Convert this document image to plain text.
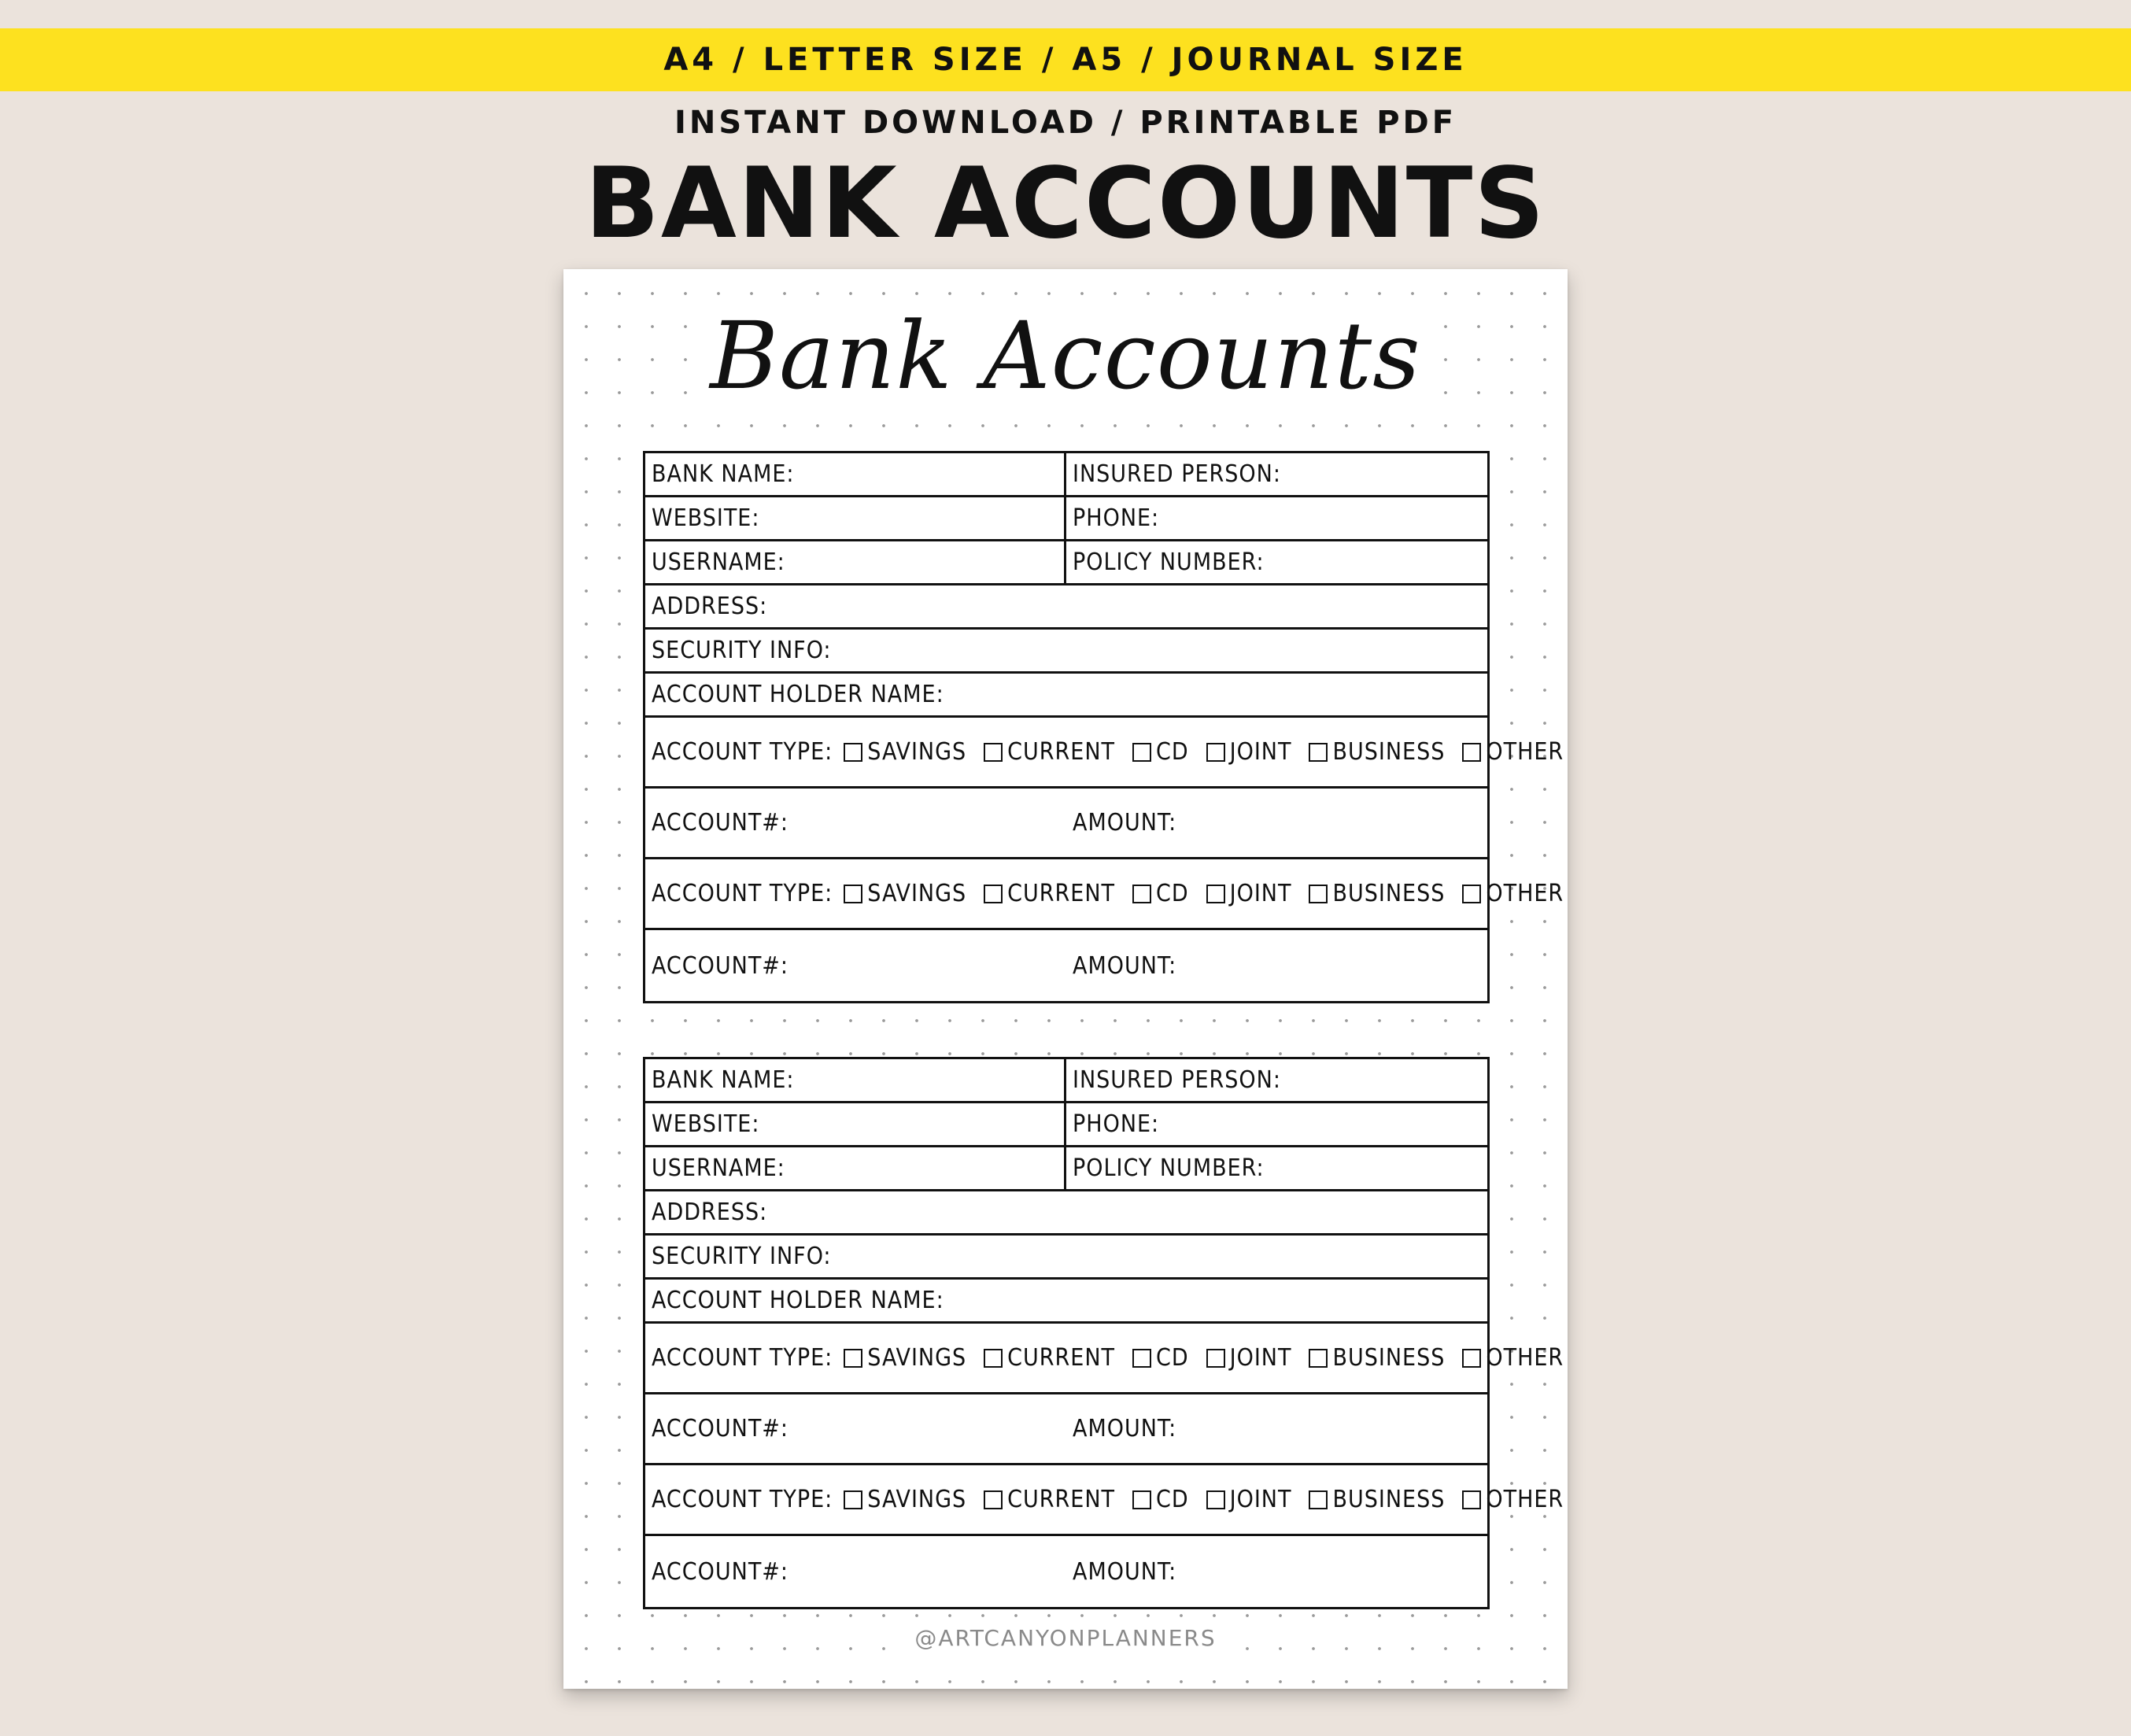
A4 / LETTER SIZE / A5 / JOURNAL SIZE
INSTANT DOWNLOAD / PRINTABLE PDF
BANK ACCOUNTS
Bank Accounts
BANK NAME:	INSURED PERSON:
WEBSITE:	PHONE:
USERNAME:	POLICY NUMBER:
ADDRESS:
SECURITY INFO:
ACCOUNT HOLDER NAME:
ACCOUNT TYPE: SAVINGS CURRENT CD JOINT BUSINESS OTHER
ACCOUNT#:	AMOUNT:
ACCOUNT TYPE: SAVINGS CURRENT CD JOINT BUSINESS OTHER
ACCOUNT#:	AMOUNT:
BANK NAME:	INSURED PERSON:
WEBSITE:	PHONE:
USERNAME:	POLICY NUMBER:
ADDRESS:
SECURITY INFO:
ACCOUNT HOLDER NAME:
ACCOUNT TYPE: SAVINGS CURRENT CD JOINT BUSINESS OTHER
ACCOUNT#:	AMOUNT:
ACCOUNT TYPE: SAVINGS CURRENT CD JOINT BUSINESS OTHER
ACCOUNT#:	AMOUNT:
@ARTCANYONPLANNERS
